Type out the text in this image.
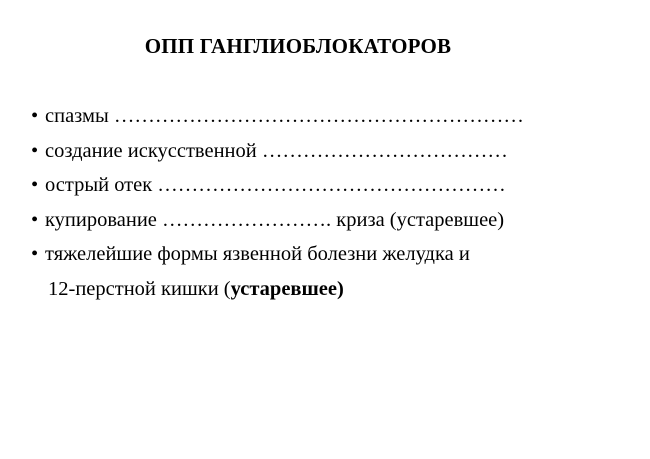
ОПП ГАНГЛИОБЛОКАТОРОВ
• спазмы ……………………………………………………
• создание искусственной ………………………………
• острый отек ……………………………………………
• купирование ……………………. криза (устаревшее)
• тяжелейшие формы язвенной болезни желудка и
12-перстной кишки (устаревшее)
